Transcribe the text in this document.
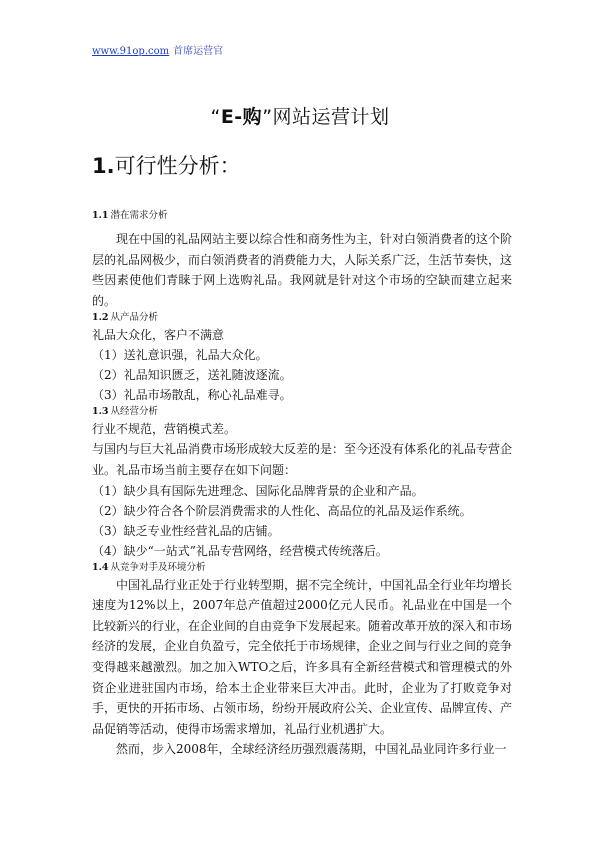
www.91op.com 首席运营官
“E-购”网站运营计划
1.可行性分析：
1.1 潜在需求分析
现在中国的礼品网站主要以综合性和商务性为主，针对白领消费者的这个阶层的礼品网极少，而白领消费者的消费能力大，人际关系广泛，生活节奏快，这些因素使他们青睐于网上选购礼品。我网就是针对这个市场的空缺而建立起来的。
1.2 从产品分析
礼品大众化，客户不满意
（1）送礼意识强，礼品大众化。
（2）礼品知识匮乏，送礼随波逐流。
（3）礼品市场散乱，称心礼品难寻。
1.3 从经营分析
行业不规范，营销模式差。
与国内与巨大礼品消费市场形成较大反差的是：至今还没有体系化的礼品专营企业。礼品市场当前主要存在如下问题：
（1）缺少具有国际先进理念、国际化品牌背景的企业和产品。
（2）缺少符合各个阶层消费需求的人性化、高品位的礼品及运作系统。
（3）缺乏专业性经营礼品的店铺。
（4）缺少“一站式”礼品专营网络，经营模式传统落后。
1.4 从竞争对手及环境分析
中国礼品行业正处于行业转型期，据不完全统计，中国礼品全行业年均增长速度为12%以上，2007年总产值超过2000亿元人民币。礼品业在中国是一个比较新兴的行业，在企业间的自由竞争下发展起来。随着改革开放的深入和市场经济的发展，企业自负盈亏，完全依托于市场规律，企业之间与行业之间的竞争变得越来越激烈。加之加入WTO之后，许多具有全新经营模式和管理模式的外资企业进驻国内市场，给本土企业带来巨大冲击。此时，企业为了打败竞争对手，更快的开拓市场、占领市场，纷纷开展政府公关、企业宣传、品牌宣传、产品促销等活动，使得市场需求增加，礼品行业机遇扩大。
然而，步入2008年，全球经济经历强烈震荡期，中国礼品业同许多行业一
